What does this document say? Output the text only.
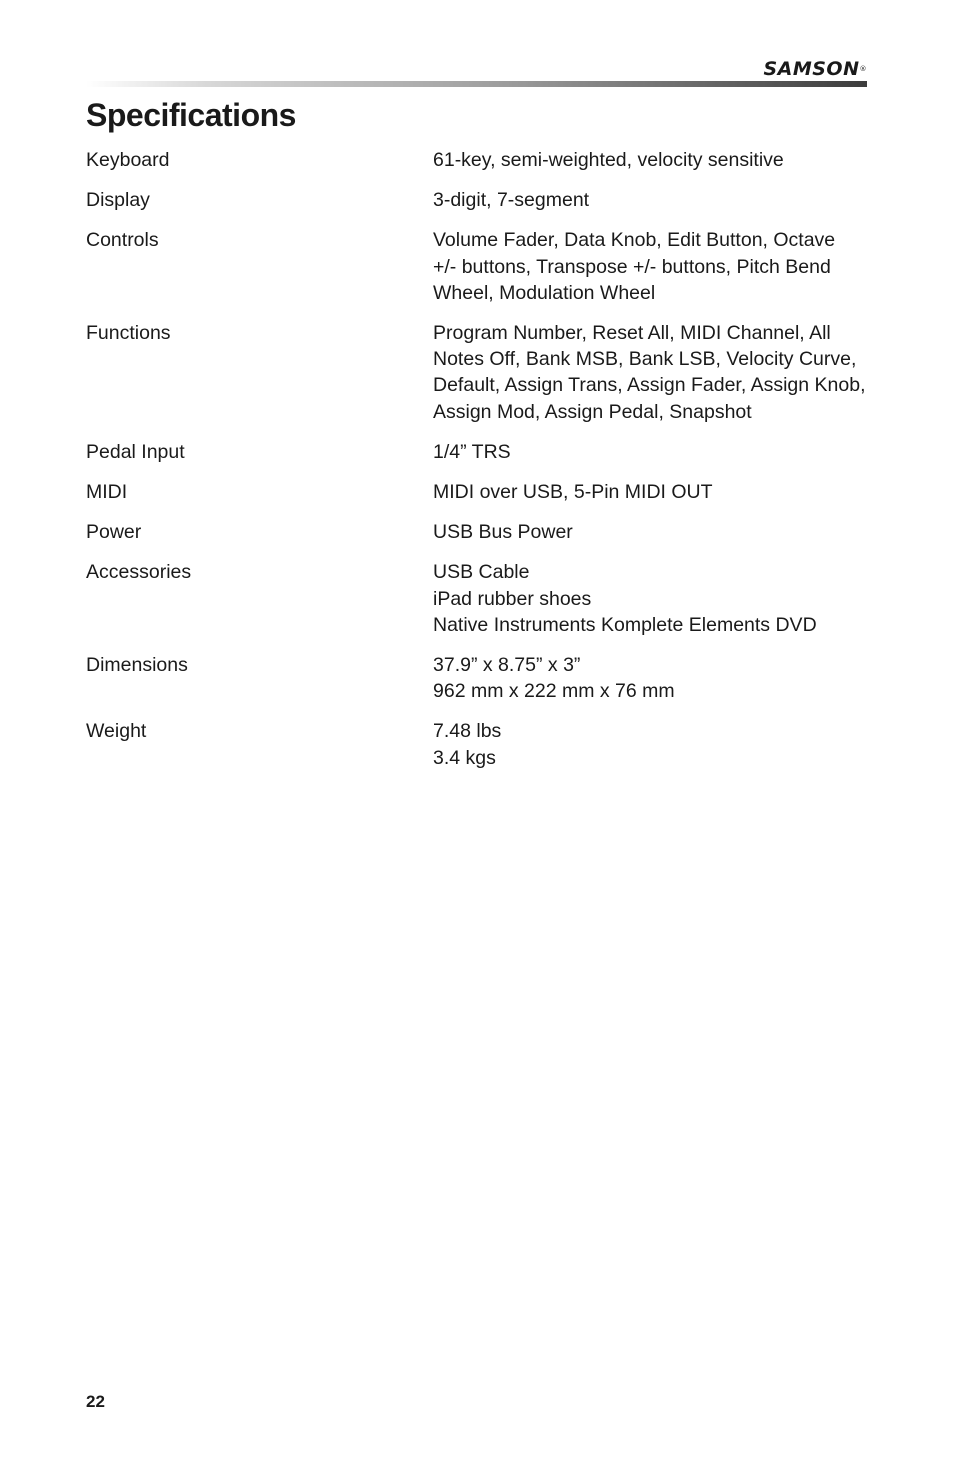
SAMSON®
Specifications
Keyboard	61-key, semi-weighted, velocity sensitive
Display	3-digit, 7-segment
Controls	Volume Fader, Data Knob, Edit Button, Octave
+/- buttons, Transpose +/- buttons, Pitch Bend
Wheel, Modulation Wheel
Functions	Program Number, Reset All, MIDI Channel, All
Notes Off, Bank MSB, Bank LSB, Velocity Curve,
Default, Assign Trans, Assign Fader, Assign Knob,
Assign Mod, Assign Pedal, Snapshot
Pedal Input	1/4” TRS
MIDI	MIDI over USB, 5-Pin MIDI OUT
Power	USB Bus Power
Accessories	USB Cable
iPad rubber shoes
Native Instruments Komplete Elements DVD
Dimensions	37.9” x 8.75” x 3”
962 mm x 222 mm x 76 mm
Weight	7.48 lbs
3.4 kgs
22
